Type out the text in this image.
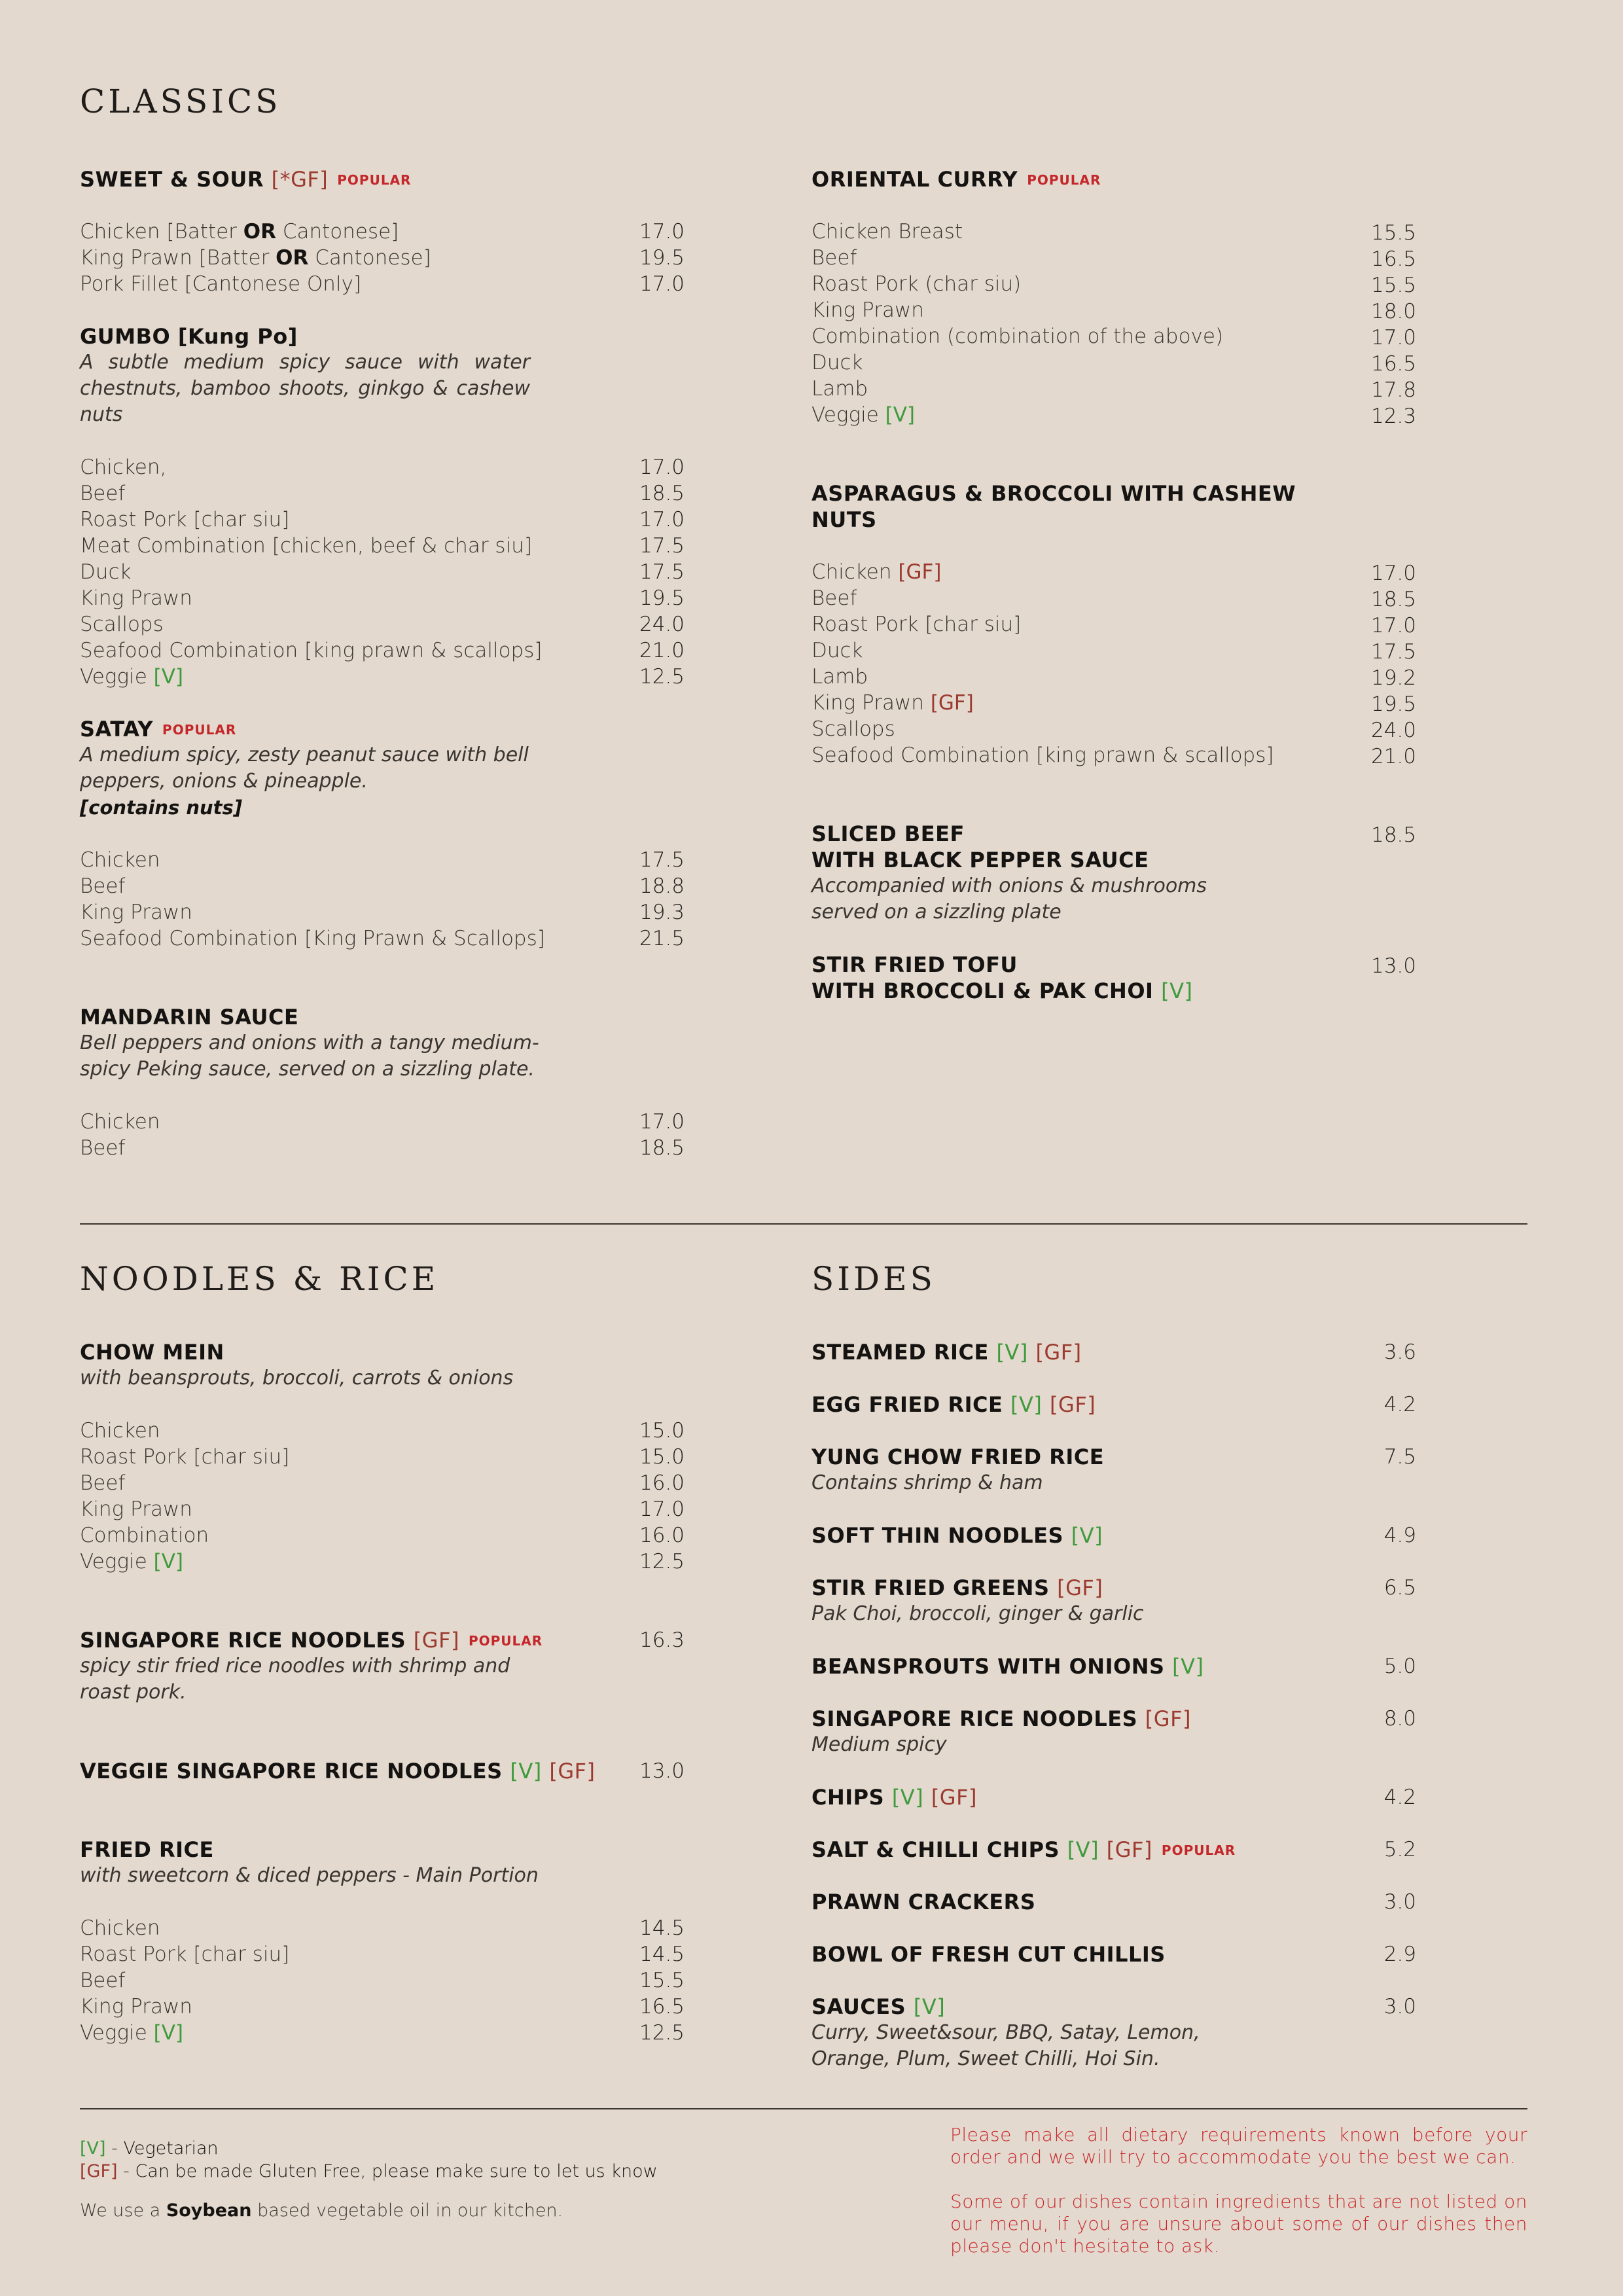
CLASSICS
SWEET & SOUR [*GF] POPULAR
Chicken [Batter OR Cantonese]	17.0
King Prawn [Batter OR Cantonese]	19.5
Pork Fillet [Cantonese Only]	17.0
GUMBO [Kung Po]
A subtle medium spicy sauce with water chestnuts, bamboo shoots, ginkgo & cashew nuts
Chicken,	17.0
Beef	18.5
Roast Pork [char siu]	17.0
Meat Combination [chicken, beef & char siu]	17.5
Duck	17.5
King Prawn	19.5
Scallops	24.0
Seafood Combination [king prawn & scallops]	21.0
Veggie [V]	12.5
SATAY POPULAR
A medium spicy, zesty peanut sauce with bell peppers, onions & pineapple.
[contains nuts]
Chicken	17.5
Beef	18.8
King Prawn	19.3
Seafood Combination [King Prawn & Scallops]	21.5
MANDARIN SAUCE
Bell peppers and onions with a tangy medium-spicy Peking sauce, served on a sizzling plate.
Chicken	17.0
Beef	18.5
ORIENTAL CURRY POPULAR
Chicken Breast	15.5
Beef	16.5
Roast Pork (char siu)	15.5
King Prawn	18.0
Combination (combination of the above)	17.0
Duck	16.5
Lamb	17.8
Veggie [V]	12.3
ASPARAGUS & BROCCOLI WITH CASHEW
NUTS
Chicken [GF]	17.0
Beef	18.5
Roast Pork [char siu]	17.0
Duck	17.5
Lamb	19.2
King Prawn [GF]	19.5
Scallops	24.0
Seafood Combination [king prawn & scallops]	21.0
SLICED BEEF	18.5
WITH BLACK PEPPER SAUCE
Accompanied with onions & mushrooms served on a sizzling plate
STIR FRIED TOFU	13.0
WITH BROCCOLI & PAK CHOI [V]
NOODLES & RICE
CHOW MEIN
with beansprouts, broccoli, carrots & onions
Chicken	15.0
Roast Pork [char siu]	15.0
Beef	16.0
King Prawn	17.0
Combination	16.0
Veggie [V]	12.5
SINGAPORE RICE NOODLES [GF] POPULAR	16.3
spicy stir fried rice noodles with shrimp and roast pork.
VEGGIE SINGAPORE RICE NOODLES [V] [GF]	13.0
FRIED RICE
with sweetcorn & diced peppers - Main Portion
Chicken	14.5
Roast Pork [char siu]	14.5
Beef	15.5
King Prawn	16.5
Veggie [V]	12.5
SIDES
STEAMED RICE [V] [GF]	3.6
EGG FRIED RICE [V] [GF]	4.2
YUNG CHOW FRIED RICE	7.5
Contains shrimp & ham
SOFT THIN NOODLES [V]	4.9
STIR FRIED GREENS [GF]	6.5
Pak Choi, broccoli, ginger & garlic
BEANSPROUTS WITH ONIONS [V]	5.0
SINGAPORE RICE NOODLES [GF]	8.0
Medium spicy
CHIPS [V] [GF]	4.2
SALT & CHILLI CHIPS [V] [GF] POPULAR	5.2
PRAWN CRACKERS	3.0
BOWL OF FRESH CUT CHILLIS	2.9
SAUCES [V]	3.0
Curry, Sweet&sour, BBQ, Satay, Lemon,
Orange, Plum, Sweet Chilli, Hoi Sin.
[V] - Vegetarian
[GF] - Can be made Gluten Free, please make sure to let us know
We use a Soybean based vegetable oil in our kitchen.
Please make all dietary requirements known before your order and we will try to accommodate you the best we can.
Some of our dishes contain ingredients that are not listed on our menu, if you are unsure about some of our dishes then please don't hesitate to ask.
